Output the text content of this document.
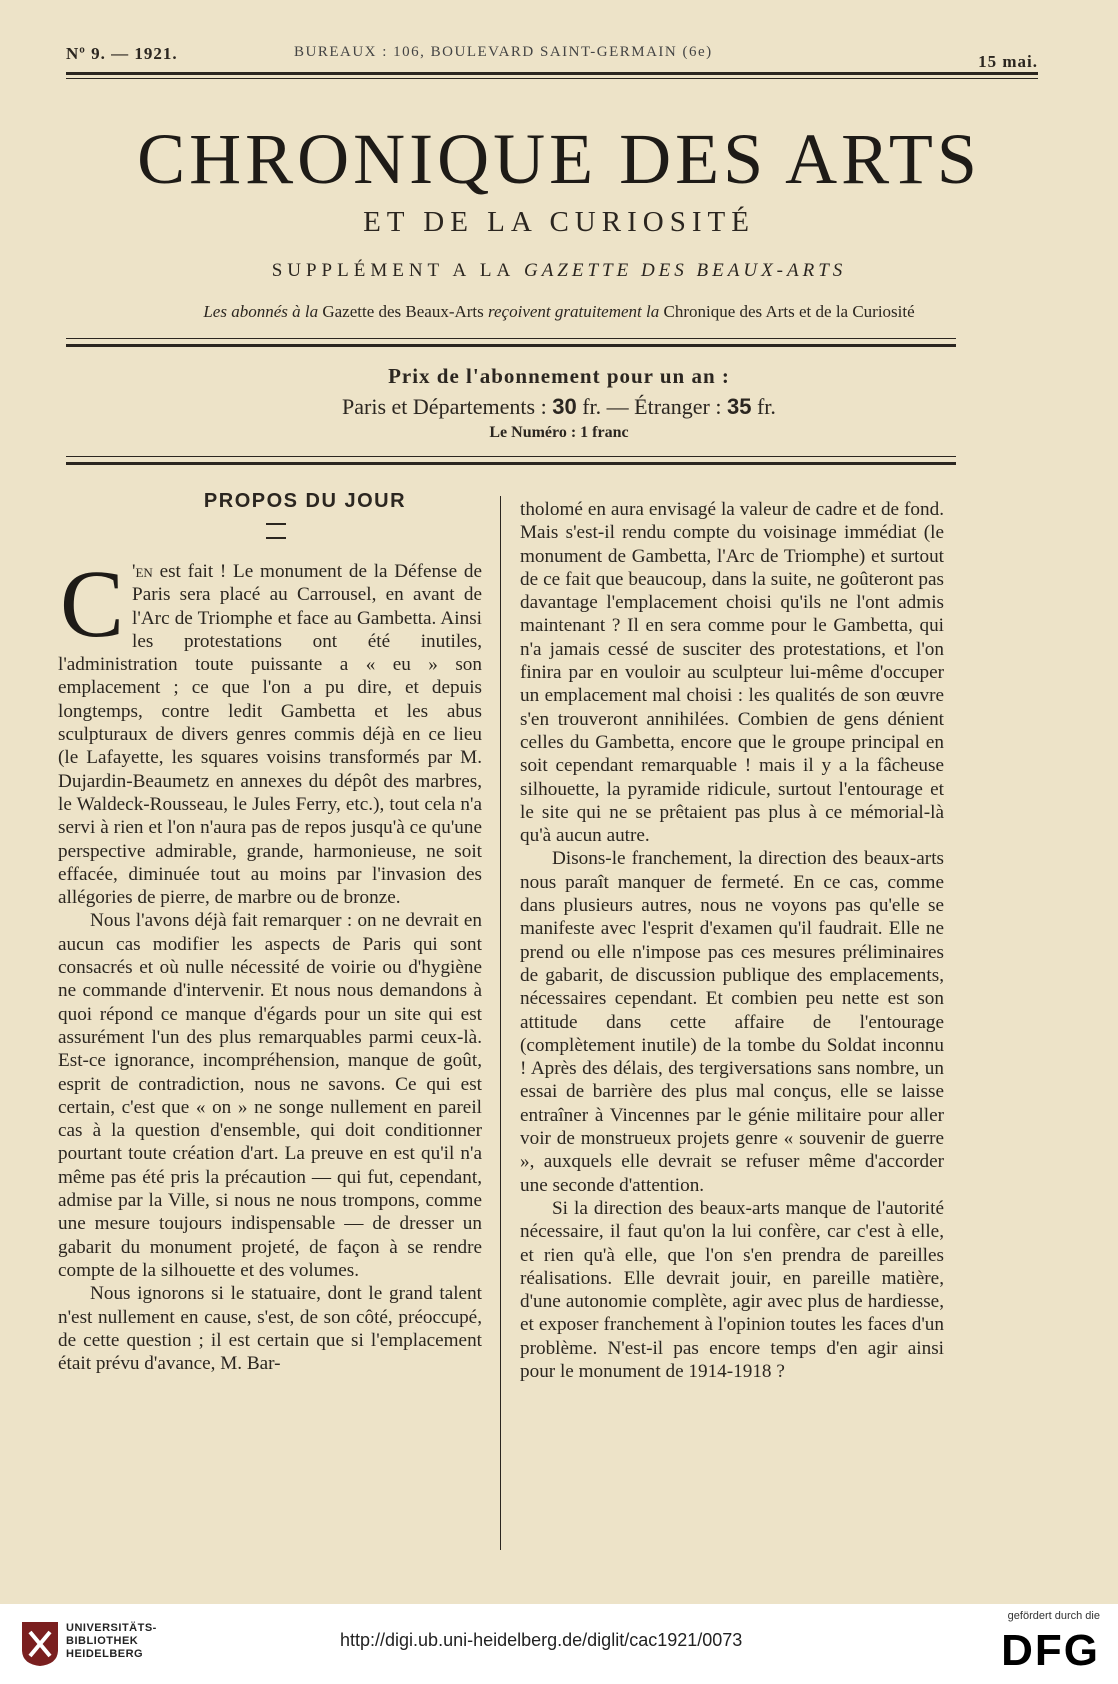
Nº 9. — 1921.	BUREAUX : 106, BOULEVARD SAINT-GERMAIN (6e)	15 mai.
CHRONIQUE DES ARTS
ET DE LA CURIOSITÉ
SUPPLÉMENT A LA GAZETTE DES BEAUX-ARTS
Les abonnés à la Gazette des Beaux-Arts reçoivent gratuitement la Chronique des Arts et de la Curiosité
Prix de l'abonnement pour un an :
Paris et Départements : 30 fr. — Étranger : 35 fr.
Le Numéro : 1 franc
PROPOS DU JOUR

C 'en est fait ! Le monument de la Défense de Paris sera placé au Carrousel, en avant de l'Arc de Triomphe et face au Gambetta. Ainsi les protestations ont été inutiles, l'administration toute puissante a « eu » son emplacement ; ce que l'on a pu dire, et depuis longtemps, contre ledit Gambetta et les abus sculpturaux de divers genres commis déjà en ce lieu (le Lafayette, les squares voisins transformés par M. Dujardin-Beaumetz en annexes du dépôt des marbres, le Waldeck-Rousseau, le Jules Ferry, etc.), tout cela n'a servi à rien et l'on n'aura pas de repos jusqu'à ce qu'une perspective admirable, grande, harmonieuse, ne soit effacée, diminuée tout au moins par l'invasion des allégories de pierre, de marbre ou de bronze.

Nous l'avons déjà fait remarquer : on ne devrait en aucun cas modifier les aspects de Paris qui sont consacrés et où nulle nécessité de voirie ou d'hygiène ne commande d'intervenir. Et nous nous demandons à quoi répond ce manque d'égards pour un site qui est assurément l'un des plus remarquables parmi ceux-là. Est-ce ignorance, incompréhension, manque de goût, esprit de contradiction, nous ne savons. Ce qui est certain, c'est que « on » ne songe nullement en pareil cas à la question d'ensemble, qui doit conditionner pourtant toute création d'art. La preuve en est qu'il n'a même pas été pris la précaution — qui fut, cependant, admise par la Ville, si nous ne nous trompons, comme une mesure toujours indispensable — de dresser un gabarit du monument projeté, de façon à se rendre compte de la silhouette et des volumes.

Nous ignorons si le statuaire, dont le grand talent n'est nullement en cause, s'est, de son côté, préoccupé, de cette question ; il est certain que si l'emplacement était prévu d'avance, M. Bar-

tholomé en aura envisagé la valeur de cadre et de fond. Mais s'est-il rendu compte du voisinage immédiat (le monument de Gambetta, l'Arc de Triomphe) et surtout de ce fait que beaucoup, dans la suite, ne goûteront pas davantage l'emplacement choisi qu'ils ne l'ont admis maintenant ? Il en sera comme pour le Gambetta, qui n'a jamais cessé de susciter des protestations, et l'on finira par en vouloir au sculpteur lui-même d'occuper un emplacement mal choisi : les qualités de son œuvre s'en trouveront annihilées. Combien de gens dénient celles du Gambetta, encore que le groupe principal en soit cependant remarquable ! mais il y a la fâcheuse silhouette, la pyramide ridicule, surtout l'entourage et le site qui ne se prêtaient pas plus à ce mémorial-là qu'à aucun autre.

Disons-le franchement, la direction des beaux-arts nous paraît manquer de fermeté. En ce cas, comme dans plusieurs autres, nous ne voyons pas qu'elle se manifeste avec l'esprit d'examen qu'il faudrait. Elle ne prend ou elle n'impose pas ces mesures préliminaires de gabarit, de discussion publique des emplacements, nécessaires cependant. Et combien peu nette est son attitude dans cette affaire de l'entourage (complètement inutile) de la tombe du Soldat inconnu ! Après des délais, des tergiversations sans nombre, un essai de barrière des plus mal conçus, elle se laisse entraîner à Vincennes par le génie militaire pour aller voir de monstrueux projets genre « souvenir de guerre », auxquels elle devrait se refuser même d'accorder une seconde d'attention.

Si la direction des beaux-arts manque de l'autorité nécessaire, il faut qu'on la lui confère, car c'est à elle, et rien qu'à elle, que l'on s'en prendra de pareilles réalisations. Elle devrait jouir, en pareille matière, d'une autonomie complète, agir avec plus de hardiesse, et exposer franchement à l'opinion toutes les faces d'un problème. N'est-il pas encore temps d'en agir ainsi pour le monument de 1914-1918 ?

UNIVERSITÄTS-
BIBLIOTHEK
HEIDELBERG
http://digi.ub.uni-heidelberg.de/diglit/cac1921/0073
gefördert durch die
DFG
